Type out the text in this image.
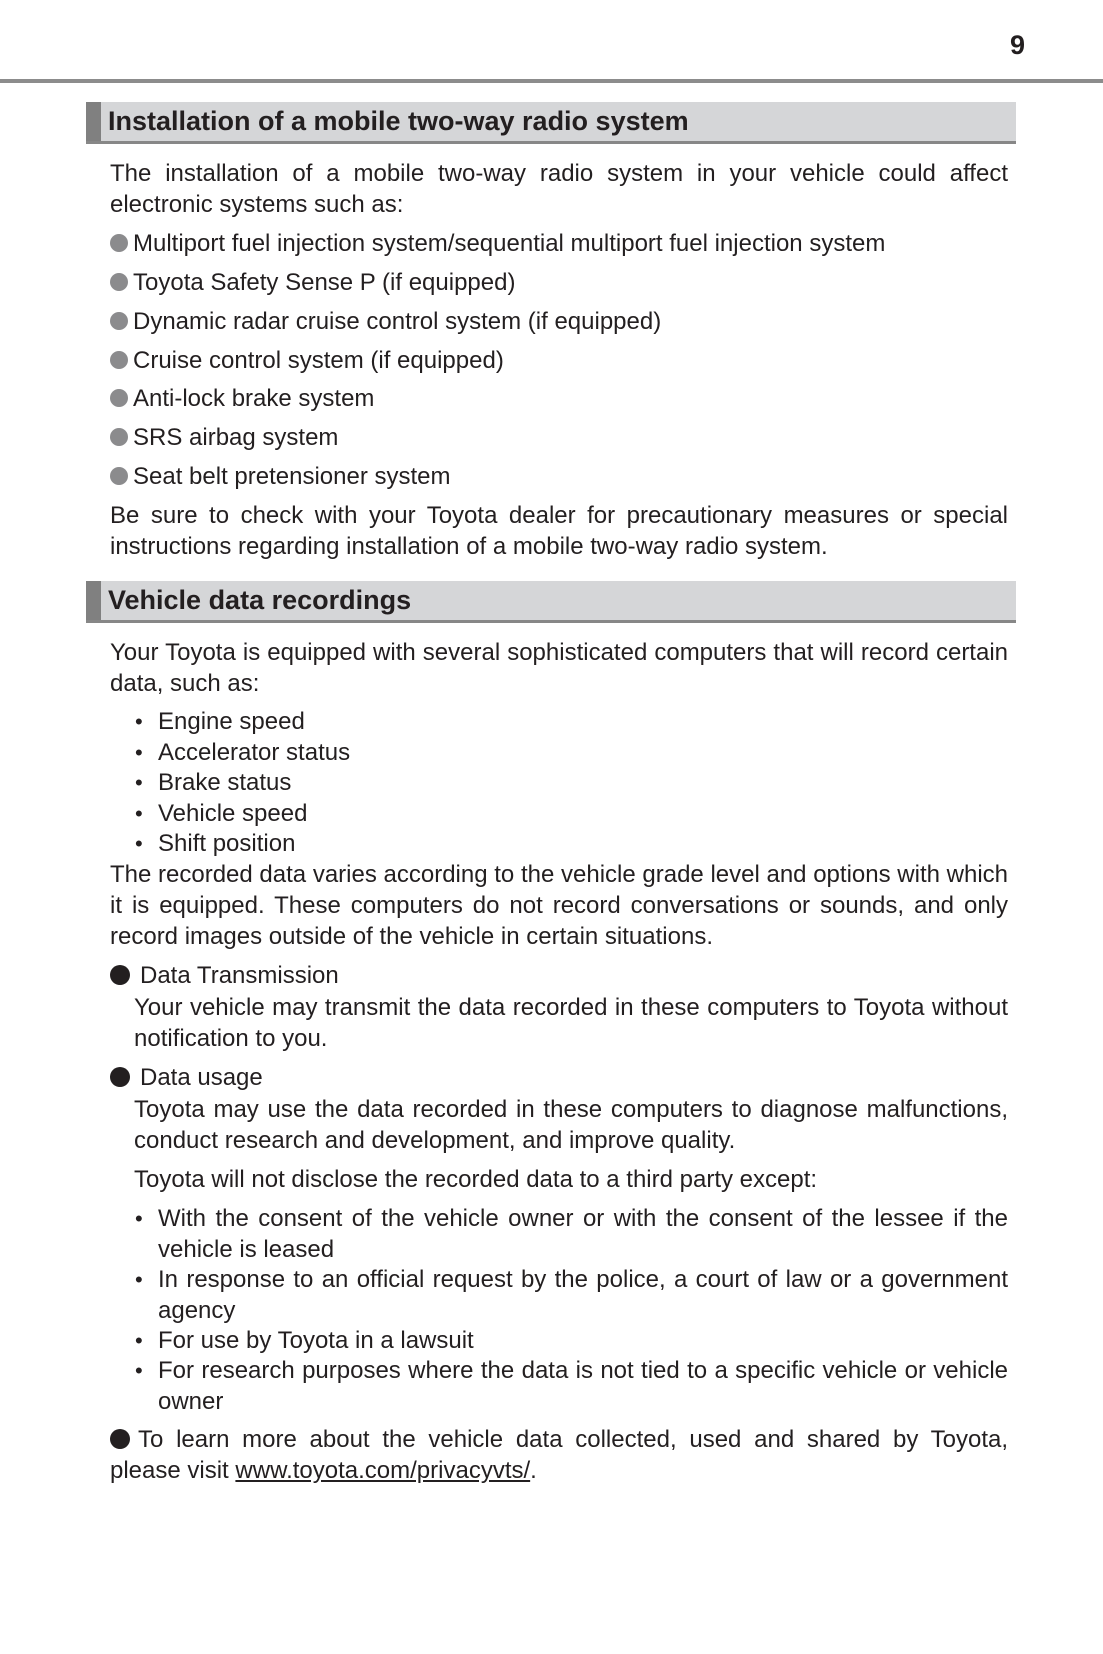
9
Installation of a mobile two-way radio system
The installation of a mobile two-way radio system in your vehicle could affect electronic systems such as:
Multiport fuel injection system/sequential multiport fuel injection system
Toyota Safety Sense P (if equipped)
Dynamic radar cruise control system (if equipped)
Cruise control system (if equipped)
Anti-lock brake system
SRS airbag system
Seat belt pretensioner system
Be sure to check with your Toyota dealer for precautionary measures or special instructions regarding installation of a mobile two-way radio system.
Vehicle data recordings
Your Toyota is equipped with several sophisticated computers that will record certain data, such as:
• Engine speed
• Accelerator status
• Brake status
• Vehicle speed
• Shift position
The recorded data varies according to the vehicle grade level and options with which it is equipped. These computers do not record conversations or sounds, and only record images outside of the vehicle in certain situations.
Data Transmission
Your vehicle may transmit the data recorded in these computers to Toyota without notification to you.
Data usage
Toyota may use the data recorded in these computers to diagnose malfunctions, conduct research and development, and improve quality.
Toyota will not disclose the recorded data to a third party except:
• With the consent of the vehicle owner or with the consent of the lessee if the vehicle is leased
• In response to an official request by the police, a court of law or a government agency
• For use by Toyota in a lawsuit
• For research purposes where the data is not tied to a specific vehicle or vehicle owner
To learn more about the vehicle data collected, used and shared by Toyota, please visit www.toyota.com/privacyvts/.
